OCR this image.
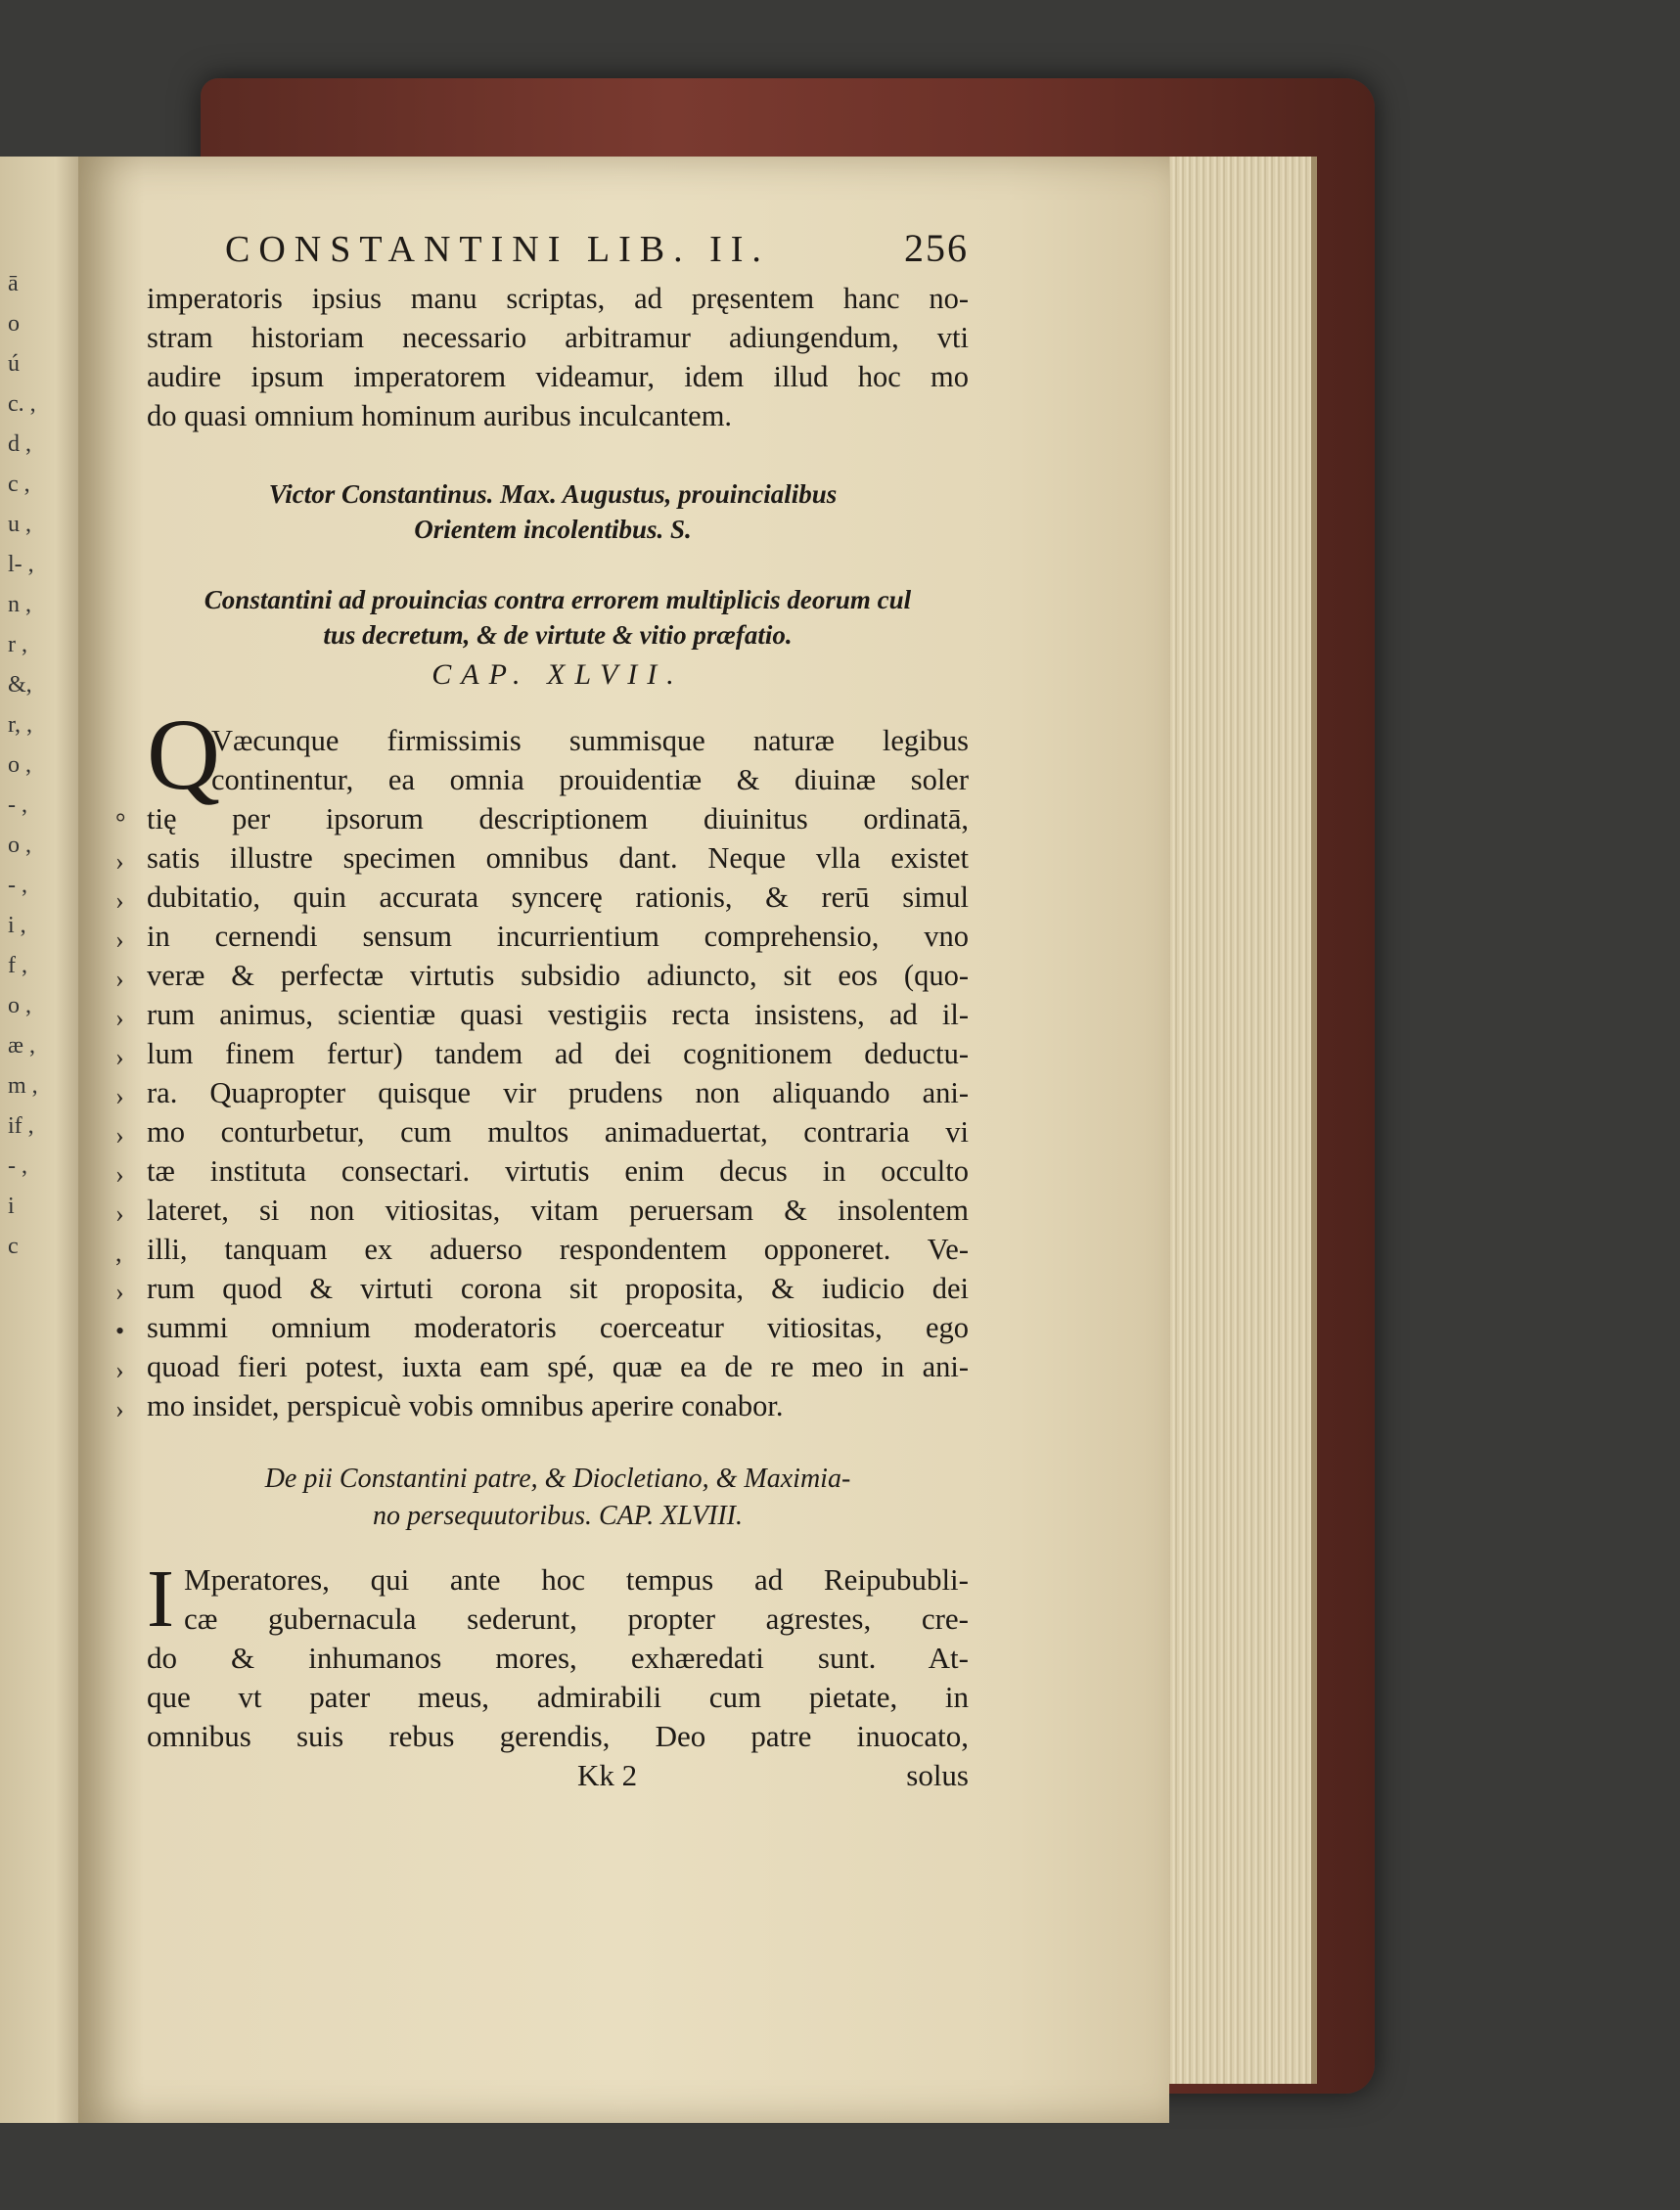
ā
o
ú
c. ,
d ,
c ,
u ,
l- ,
n ,
r ,
&,
r, ,
o ,
- ,
o ,
- ,
i ,
f ,
o ,
æ ,
m ,
if ,
- ,
i
c
CONSTANTINI LIB. II.	256
imperatoris ipsius manu scriptas, ad pręsentem hanc no-
stram historiam necessario arbitramur adiungendum, vti
audire ipsum imperatorem videamur, idem illud hoc mo
do quasi omnium hominum auribus inculcantem.
Victor Constantinus. Max. Augustus, prouincialibus
Orientem incolentibus. S.
Constantini ad prouincias contra errorem multiplicis deorum cul
tus decretum, & de virtute & vitio præfatio.
CAP. XLVII.
Q
°
›
›
›
›
›
›
›
›
›
›
,
›
•
›
›
Væcunque firmissimis summisque naturæ legibus
continentur, ea omnia prouidentiæ & diuinæ soler
tię per ipsorum descriptionem diuinitus ordinatā,
satis illustre specimen omnibus dant. Neque vlla existet
dubitatio, quin accurata syncerę rationis, & rerū simul
in cernendi sensum incurrientium comprehensio, vno
veræ & perfectæ virtutis subsidio adiuncto, sit eos (quo-
rum animus, scientiæ quasi vestigiis recta insistens, ad il-
lum finem fertur) tandem ad dei cognitionem deductu-
ra. Quapropter quisque vir prudens non aliquando ani-
mo conturbetur, cum multos animaduertat, contraria vi
tæ instituta consectari. virtutis enim decus in occulto
lateret, si non vitiositas, vitam peruersam & insolentem
illi, tanquam ex aduerso respondentem opponeret. Ve-
rum quod & virtuti corona sit proposita, & iudicio dei
summi omnium moderatoris coerceatur vitiositas, ego
quoad fieri potest, iuxta eam spé, quæ ea de re meo in ani-
mo insidet, perspicuè vobis omnibus aperire conabor.
De pii Constantini patre, & Diocletiano, & Maximia-
no persequutoribus. CAP. XLVIII.
I Mperatores, qui ante hoc tempus ad Reipububli-
cæ gubernacula sederunt, propter agrestes, cre-
do & inhumanos mores, exhæredati sunt. At-
que vt pater meus, admirabili cum pietate, in
omnibus suis rebus gerendis, Deo patre inuocato,
Kk 2	solus
